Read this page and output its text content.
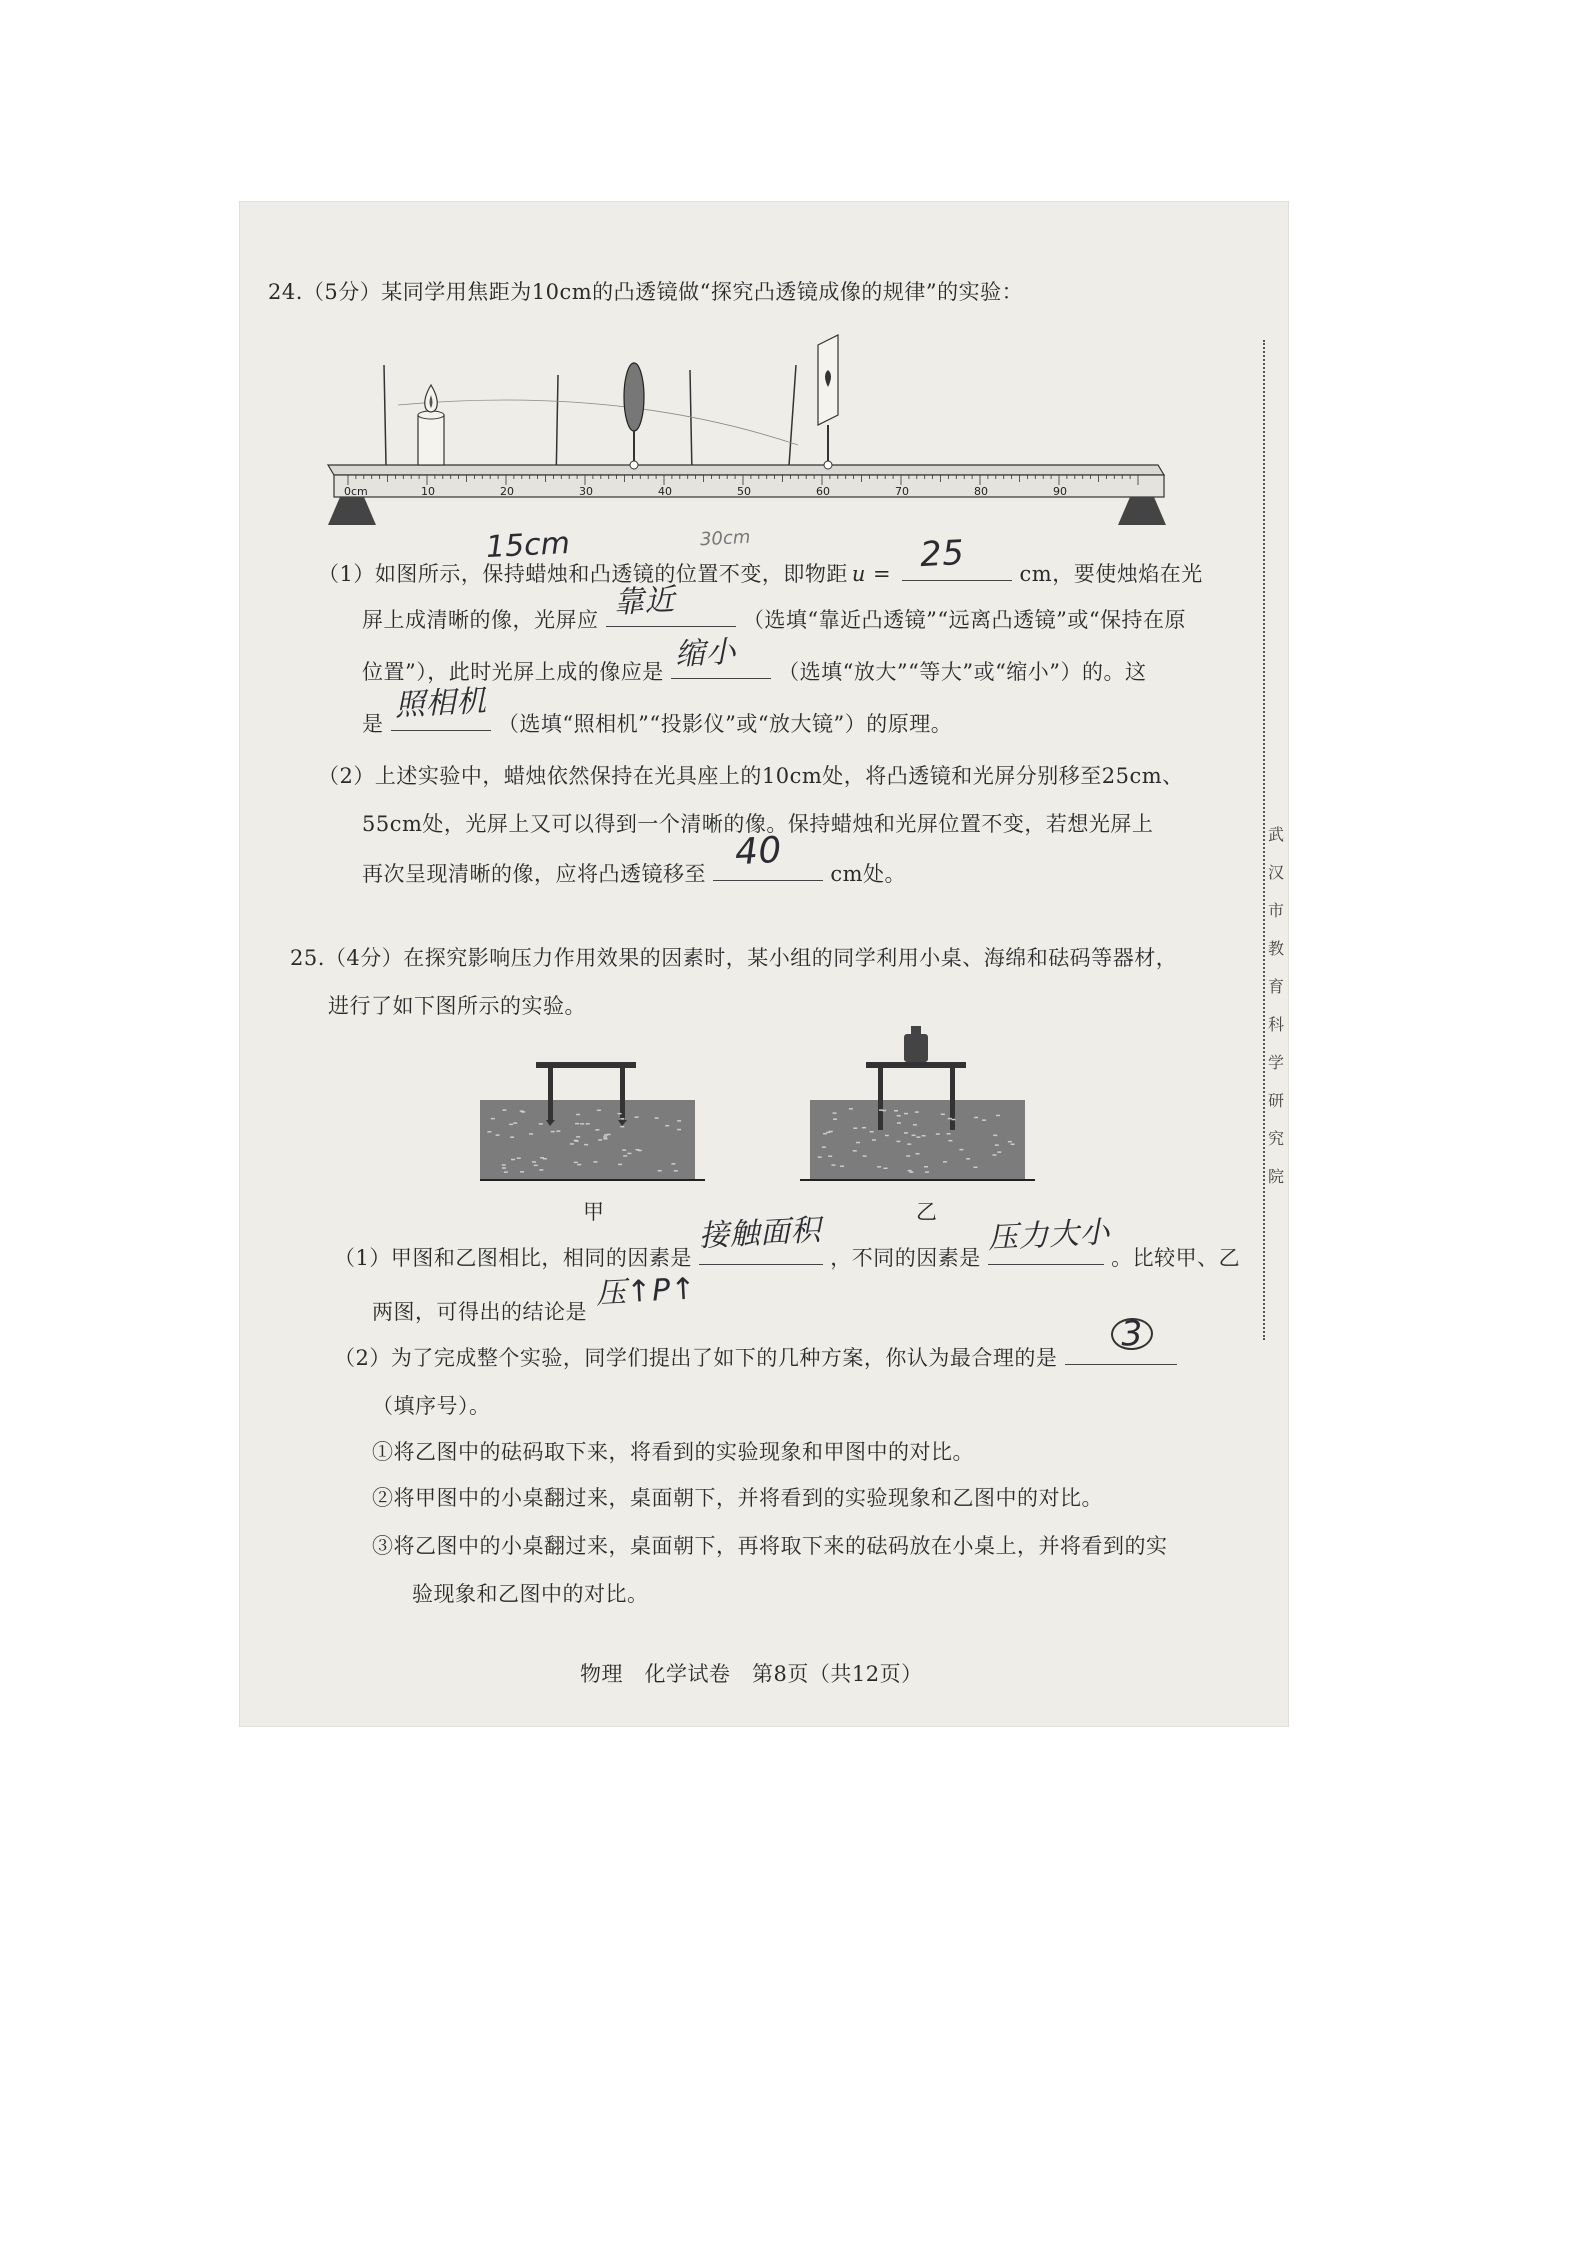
24.（5分）某同学用焦距为10cm的凸透镜做“探究凸透镜成像的规律”的实验：
0cm	10	20	30	40	50	60	70	80	90
15cm	30cm
（1）如图所示，保持蜡烛和凸透镜的位置不变，即物距 u = 25	cm，要使烛焰在光
屏上成清晰的像，光屏应 靠近	（选填“靠近凸透镜”“远离凸透镜”或“保持在原
位置”），此时光屏上成的像应是 缩小 （选填“放大”“等大”或“缩小”）的。这
是
照相机
（选填“照相机”“投影仪”或“放大镜”）的原理。
（2）上述实验中，蜡烛依然保持在光具座上的10cm处，将凸透镜和光屏分别移至25cm、
55cm处，光屏上又可以得到一个清晰的像。保持蜡烛和光屏位置不变，若想光屏上
再次呈现清晰的像，应将凸透镜移至
40
cm处。
25.（4分）在探究影响压力作用效果的因素时，某小组的同学利用小桌、海绵和砝码等器材，
进行了如下图所示的实验。
甲	乙
（1）甲图和乙图相比，相同的因素是
接触面积
，不同的因素是
压力大小
。比较甲、乙
两图，可得出的结论是
压↑P↑
（2）为了完成整个实验，同学们提出了如下的几种方案，你认为最合理的是
3
（填序号）。
①将乙图中的砝码取下来，将看到的实验现象和甲图中的对比。
②将甲图中的小桌翻过来，桌面朝下，并将看到的实验现象和乙图中的对比。
③将乙图中的小桌翻过来，桌面朝下，再将取下来的砝码放在小桌上，并将看到的实
验现象和乙图中的对比。
物理　化学试卷　第8页（共12页）
武
汉
市
教
育
科
学
研
究
院
